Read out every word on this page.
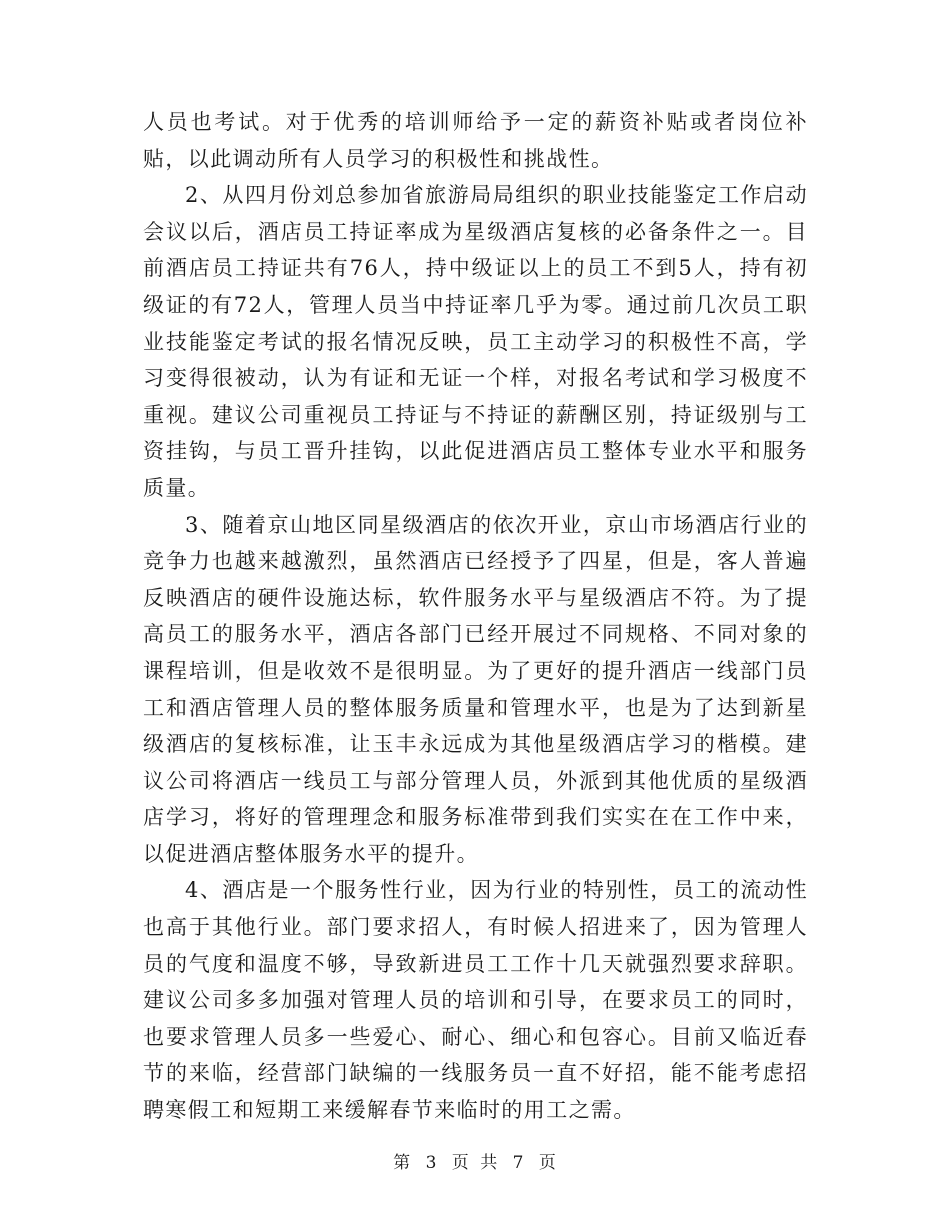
人员也考试。对于优秀的培训师给予一定的薪资补贴或者岗位补贴，以此调动所有人员学习的积极性和挑战性。

2、从四月份刘总参加省旅游局局组织的职业技能鉴定工作启动会议以后，酒店员工持证率成为星级酒店复核的必备条件之一。目前酒店员工持证共有76人，持中级证以上的员工不到5人，持有初级证的有72人，管理人员当中持证率几乎为零。通过前几次员工职业技能鉴定考试的报名情况反映，员工主动学习的积极性不高，学习变得很被动，认为有证和无证一个样，对报名考试和学习极度不重视。建议公司重视员工持证与不持证的薪酬区别，持证级别与工资挂钩，与员工晋升挂钩，以此促进酒店员工整体专业水平和服务质量。

3、随着京山地区同星级酒店的依次开业，京山市场酒店行业的竞争力也越来越激烈，虽然酒店已经授予了四星，但是，客人普遍反映酒店的硬件设施达标，软件服务水平与星级酒店不符。为了提高员工的服务水平，酒店各部门已经开展过不同规格、不同对象的课程培训，但是收效不是很明显。为了更好的提升酒店一线部门员工和酒店管理人员的整体服务质量和管理水平，也是为了达到新星级酒店的复核标准，让玉丰永远成为其他星级酒店学习的楷模。建议公司将酒店一线员工与部分管理人员，外派到其他优质的星级酒店学习，将好的管理理念和服务标准带到我们实实在在工作中来，以促进酒店整体服务水平的提升。

4、酒店是一个服务性行业，因为行业的特别性，员工的流动性也高于其他行业。部门要求招人，有时候人招进来了，因为管理人员的气度和温度不够，导致新进员工工作十几天就强烈要求辞职。建议公司多多加强对管理人员的培训和引导，在要求员工的同时，也要求管理人员多一些爱心、耐心、细心和包容心。目前又临近春节的来临，经营部门缺编的一线服务员一直不好招，能不能考虑招聘寒假工和短期工来缓解春节来临时的用工之需。

第 3 页 共 7 页
